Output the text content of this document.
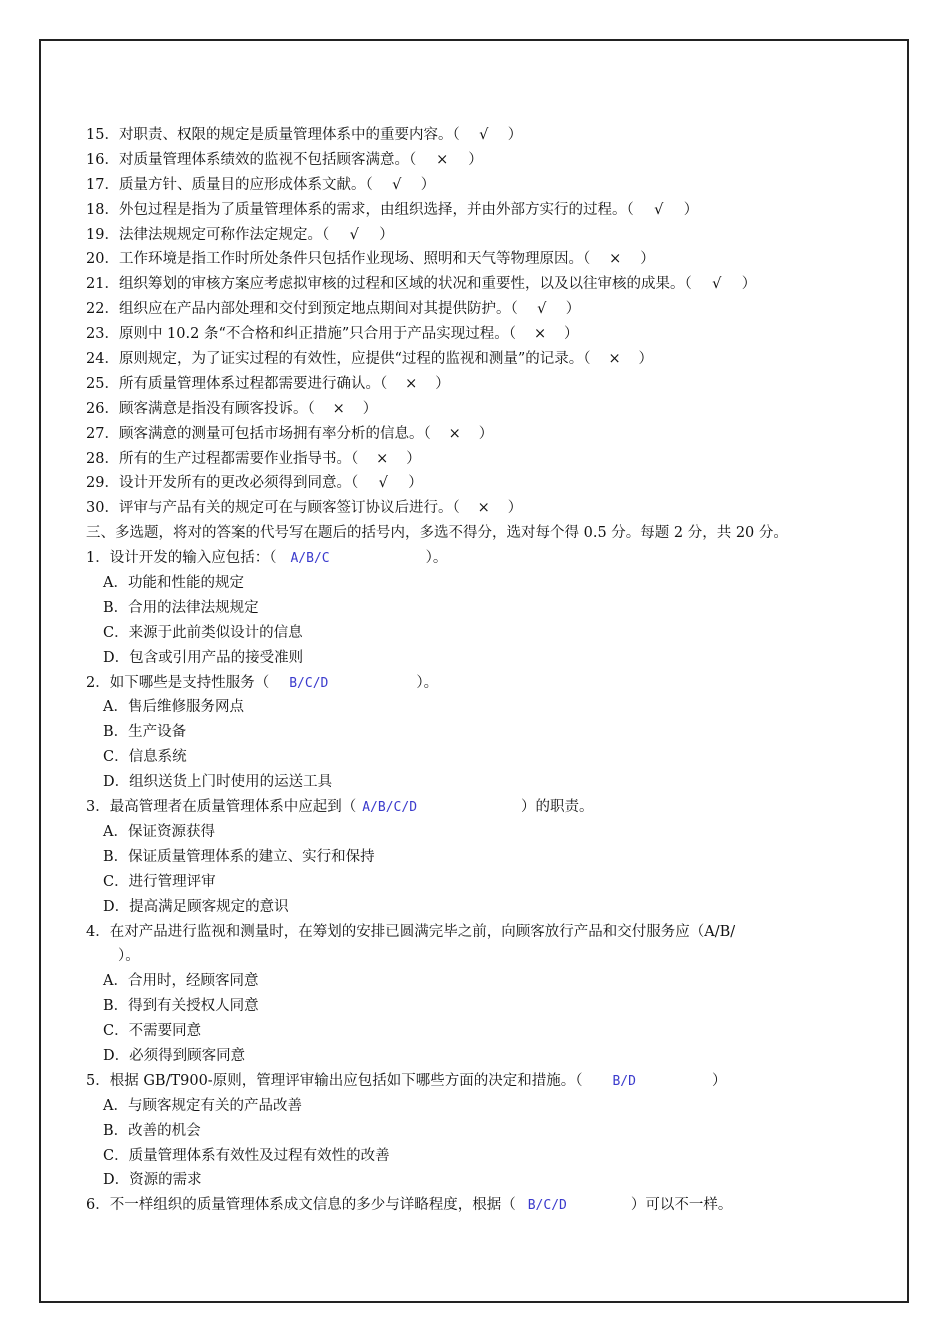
15．对职责、权限的规定是质量管理体系中的重要内容。（ √ ）
16．对质量管理体系绩效的监视不包括顾客满意。（ × ）
17．质量方针、质量目的应形成体系文献。（ √ ）
18．外包过程是指为了质量管理体系的需求，由组织选择，并由外部方实行的过程。（ √ ）
19．法律法规规定可称作法定规定。（ √ ）
20．工作环境是指工作时所处条件只包括作业现场、照明和天气等物理原因。（ × ）
21．组织筹划的审核方案应考虑拟审核的过程和区域的状况和重要性，以及以往审核的成果。（ √ ）
22．组织应在产品内部处理和交付到预定地点期间对其提供防护。（ √ ）
23．原则中 10.2 条“不合格和纠正措施”只合用于产品实现过程。（ × ）
24．原则规定，为了证实过程的有效性，应提供“过程的监视和测量”的记录。（ × ）
25．所有质量管理体系过程都需要进行确认。（ × ）
26．顾客满意是指没有顾客投诉。（ × ）
27．顾客满意的测量可包括市场拥有率分析的信息。（ × ）
28．所有的生产过程都需要作业指导书。（ × ）
29．设计开发所有的更改必须得到同意。（ √ ）
30．评审与产品有关的规定可在与顾客签订协议后进行。（ × ）
三、多选题，将对的答案的代号写在题后的括号内，多选不得分，选对每个得 0.5 分。每题 2 分，共 20 分。
1．设计开发的输入应包括：（ A/B/C	）。
A．功能和性能的规定
B．合用的法律法规规定
C．来源于此前类似设计的信息
D．包含或引用产品的接受准则
2．如下哪些是支持性服务（ B/C/D	）。
A．售后维修服务网点
B．生产设备
C．信息系统
D．组织送货上门时使用的运送工具
3．最高管理者在质量管理体系中应起到（ A/B/C/D	）的职责。
A．保证资源获得
B．保证质量管理体系的建立、实行和保持
C．进行管理评审
D．提高满足顾客规定的意识
4．在对产品进行监视和测量时，在筹划的安排已圆满完毕之前，向顾客放行产品和交付服务应（A/B/
）。
A．合用时，经顾客同意
B．得到有关授权人同意
C．不需要同意
D．必须得到顾客同意
5．根据 GB/T900-原则，管理评审输出应包括如下哪些方面的决定和措施。（ B/D	）
A．与顾客规定有关的产品改善
B．改善的机会
C．质量管理体系有效性及过程有效性的改善
D．资源的需求
6．不一样组织的质量管理体系成文信息的多少与详略程度，根据（ B/C/D	）可以不一样。
